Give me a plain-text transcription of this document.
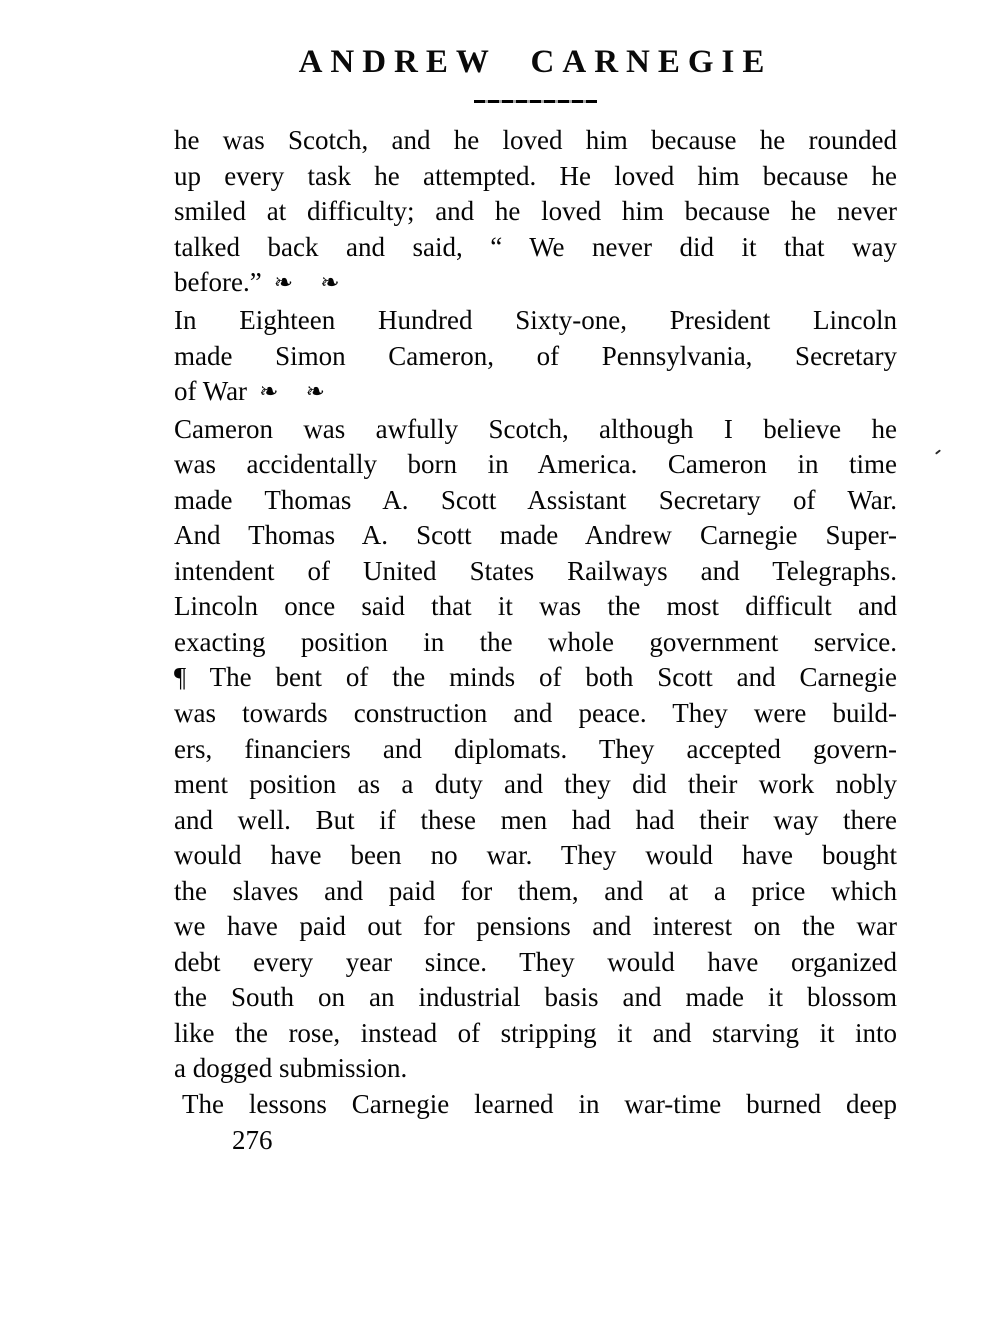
ANDREW CARNEGIE
he was Scotch, and he loved him because he rounded
up every task he attempted. He loved him because he
smiled at difficulty; and he loved him because he never
talked back and said, “ We never did it that way
before.” ❧ ❧
In Eighteen Hundred Sixty-one, President Lincoln
made Simon Cameron, of Pennsylvania, Secretary
of War ❧ ❧
Cameron was awfully Scotch, although I believe he
was accidentally born in America. Cameron in time
made Thomas A. Scott Assistant Secretary of War.
And Thomas A. Scott made Andrew Carnegie Super-
intendent of United States Railways and Telegraphs.
Lincoln once said that it was the most difficult and
exacting position in the whole government service.
¶ The bent of the minds of both Scott and Carnegie
was towards construction and peace. They were build-
ers, financiers and diplomats. They accepted govern-
ment position as a duty and they did their work nobly
and well. But if these men had had their way there
would have been no war. They would have bought
the slaves and paid for them, and at a price which
we have paid out for pensions and interest on the war
debt every year since. They would have organized
the South on an industrial basis and made it blossom
like the rose, instead of stripping it and starving it into
a dogged submission.
The lessons Carnegie learned in war-time burned deep
276
